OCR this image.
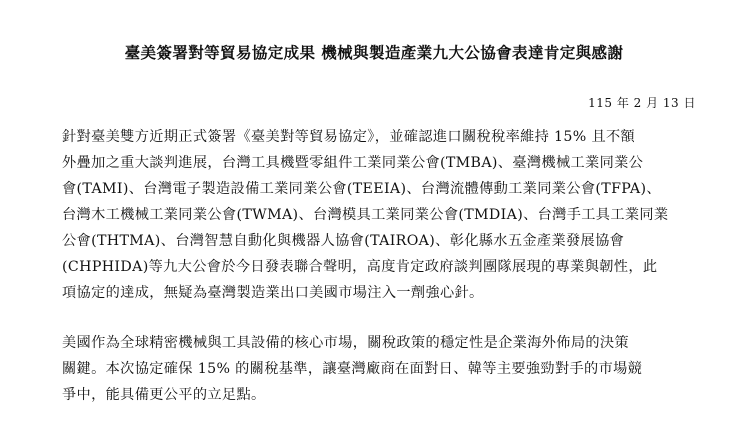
臺美簽署對等貿易協定成果 機械與製造產業九大公協會表達肯定與感謝
115 年 2 月 13 日
針對臺美雙方近期正式簽署《臺美對等貿易協定》，並確認進口關稅稅率維持 15% 且不額
外疊加之重大談判進展，台灣工具機暨零組件工業同業公會(TMBA)、臺灣機械工業同業公
會(TAMI)、台灣電子製造設備工業同業公會(TEEIA)、台灣流體傳動工業同業公會(TFPA)、
台灣木工機械工業同業公會(TWMA)、台灣模具工業同業公會(TMDIA)、台灣手工具工業同業
公會(THTMA)、台灣智慧自動化與機器人協會(TAIROA)、彰化縣水五金產業發展協會
(CHPHIDA)等九大公會於今日發表聯合聲明，高度肯定政府談判團隊展現的專業與韌性，此
項協定的達成，無疑為臺灣製造業出口美國市場注入一劑強心針。
美國作為全球精密機械與工具設備的核心市場，關稅政策的穩定性是企業海外佈局的決策
關鍵。本次協定確保 15% 的關稅基準，讓臺灣廠商在面對日、韓等主要強勁對手的市場競
爭中，能具備更公平的立足點。
